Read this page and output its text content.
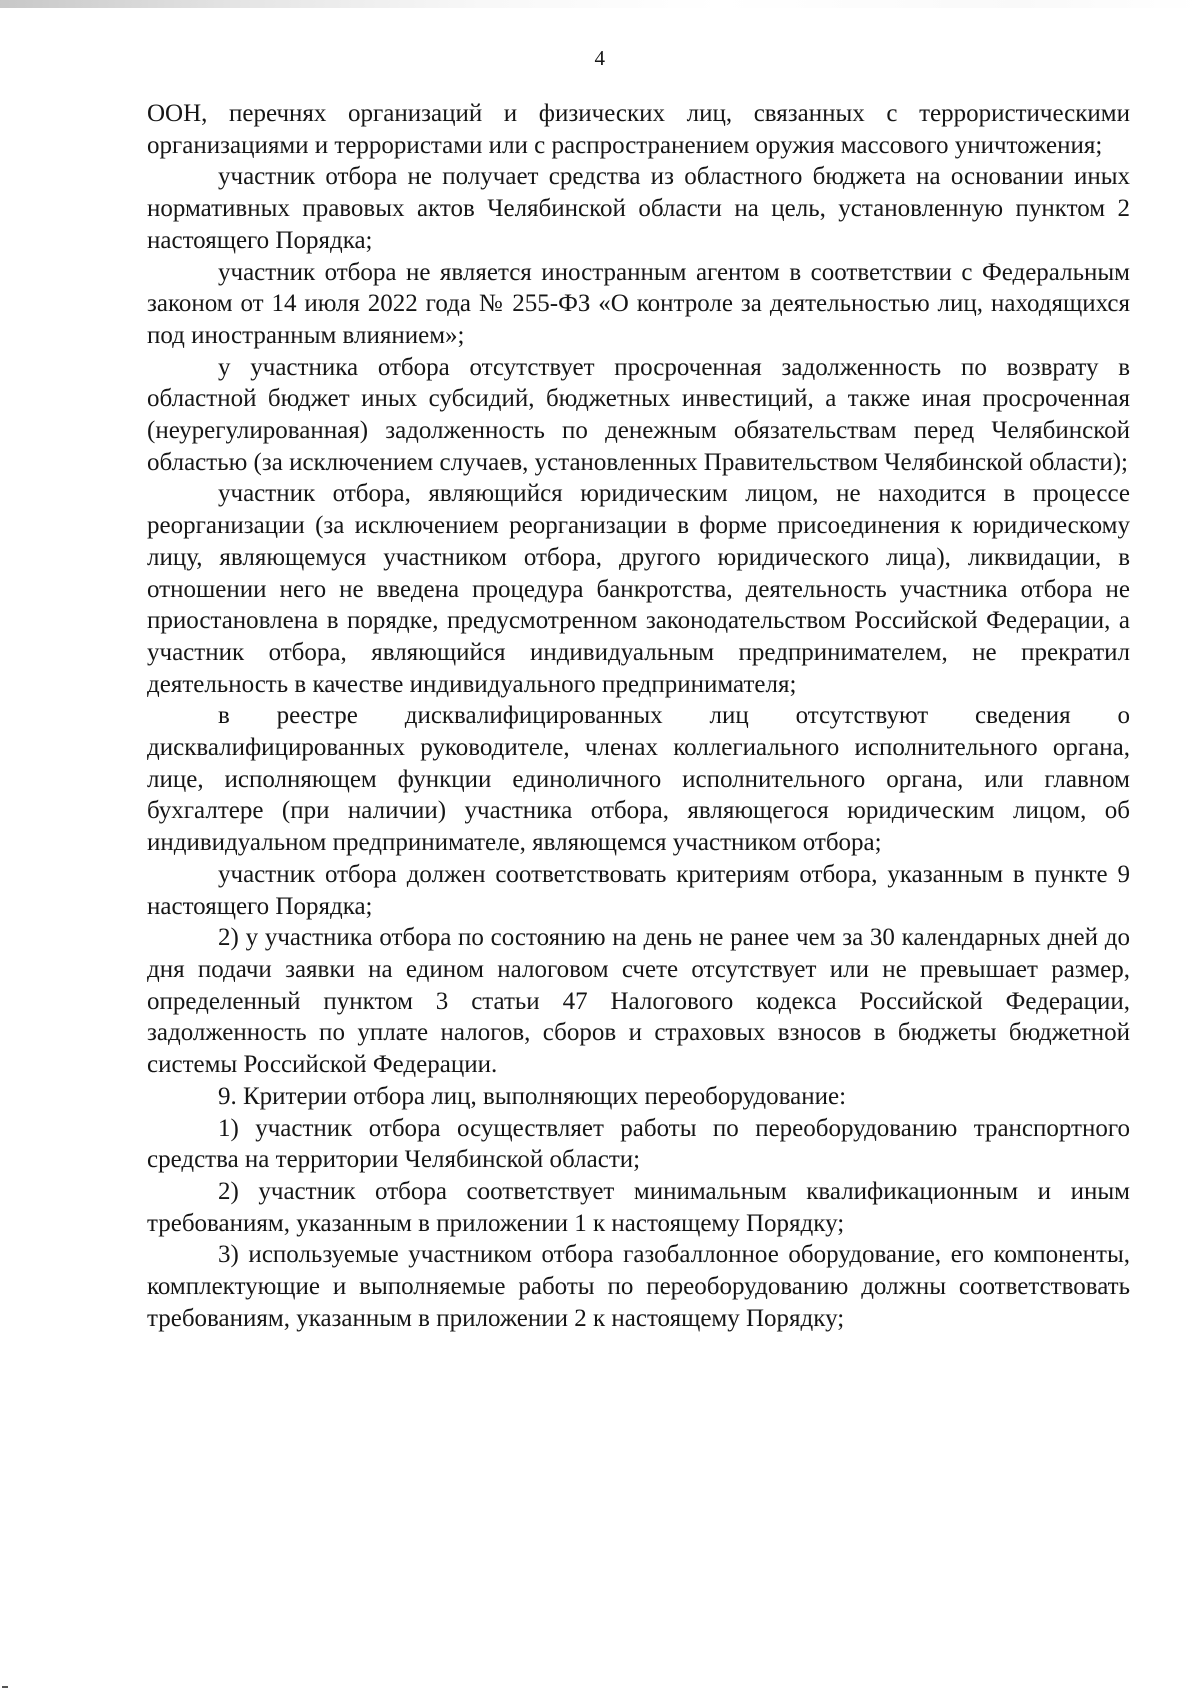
4

ООН, перечнях организаций и физических лиц, связанных с террористическими организациями и террористами или с распространением оружия массового уничтожения;

участник отбора не получает средства из областного бюджета на основании иных нормативных правовых актов Челябинской области на цель, установленную пунктом 2 настоящего Порядка;

участник отбора не является иностранным агентом в соответствии с Федеральным законом от 14 июля 2022 года № 255-ФЗ «О контроле за деятельностью лиц, находящихся под иностранным влиянием»;

у участника отбора отсутствует просроченная задолженность по возврату в областной бюджет иных субсидий, бюджетных инвестиций, а также иная просроченная (неурегулированная) задолженность по денежным обязательствам перед Челябинской областью (за исключением случаев, установленных Правительством Челябинской области);

участник отбора, являющийся юридическим лицом, не находится в процессе реорганизации (за исключением реорганизации в форме присоединения к юридическому лицу, являющемуся участником отбора, другого юридического лица), ликвидации, в отношении него не введена процедура банкротства, деятельность участника отбора не приостановлена в порядке, предусмотренном законодательством Российской Федерации, а участник отбора, являющийся индивидуальным предпринимателем, не прекратил деятельность в качестве индивидуального предпринимателя;

в реестре дисквалифицированных лиц отсутствуют сведения о дисквалифицированных руководителе, членах коллегиального исполнительного органа, лице, исполняющем функции единоличного исполнительного органа, или главном бухгалтере (при наличии) участника отбора, являющегося юридическим лицом, об индивидуальном предпринимателе, являющемся участником отбора;

участник отбора должен соответствовать критериям отбора, указанным в пункте 9 настоящего Порядка;

2) у участника отбора по состоянию на день не ранее чем за 30 календарных дней до дня подачи заявки на едином налоговом счете отсутствует или не превышает размер, определенный пунктом 3 статьи 47 Налогового кодекса Российской Федерации, задолженность по уплате налогов, сборов и страховых взносов в бюджеты бюджетной системы Российской Федерации.

9. Критерии отбора лиц, выполняющих переоборудование:

1) участник отбора осуществляет работы по переоборудованию транспортного средства на территории Челябинской области;

2) участник отбора соответствует минимальным квалификационным и иным требованиям, указанным в приложении 1 к настоящему Порядку;

3) используемые участником отбора газобаллонное оборудование, его компоненты, комплектующие и выполняемые работы по переоборудованию должны соответствовать требованиям, указанным в приложении 2 к настоящему Порядку;
